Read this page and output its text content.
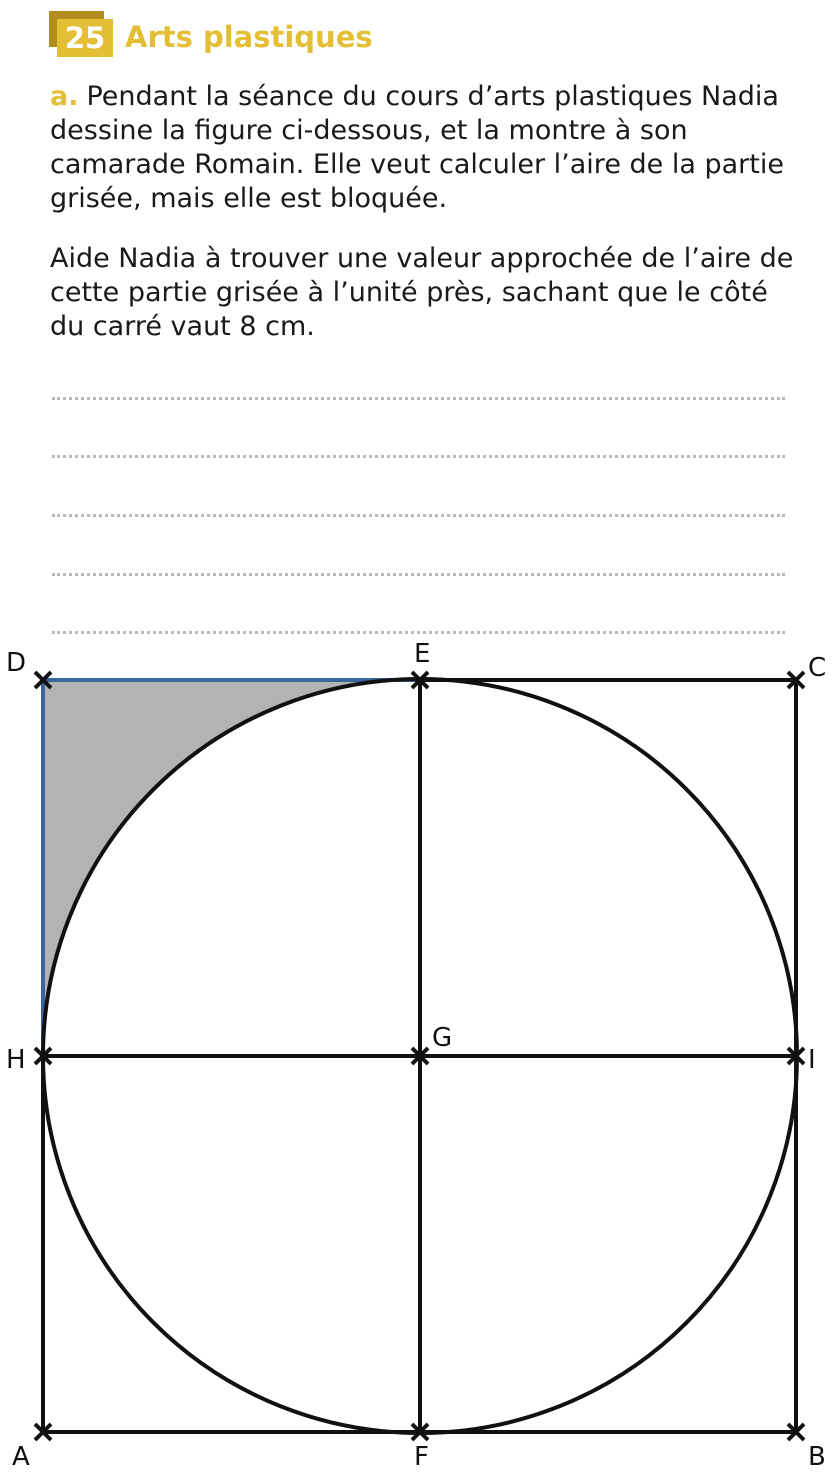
25 Arts plastiques
a. Pendant la séance du cours d’arts plastiques Nadia dessine la figure ci-dessous, et la montre à son camarade Romain. Elle veut calculer l’aire de la partie grisée, mais elle est bloquée.
Aide Nadia à trouver une valeur approchée de l’aire de cette partie grisée à l’unité près, sachant que le côté du carré vaut 8 cm.
D	E	C
H
G
I
A	F	B
